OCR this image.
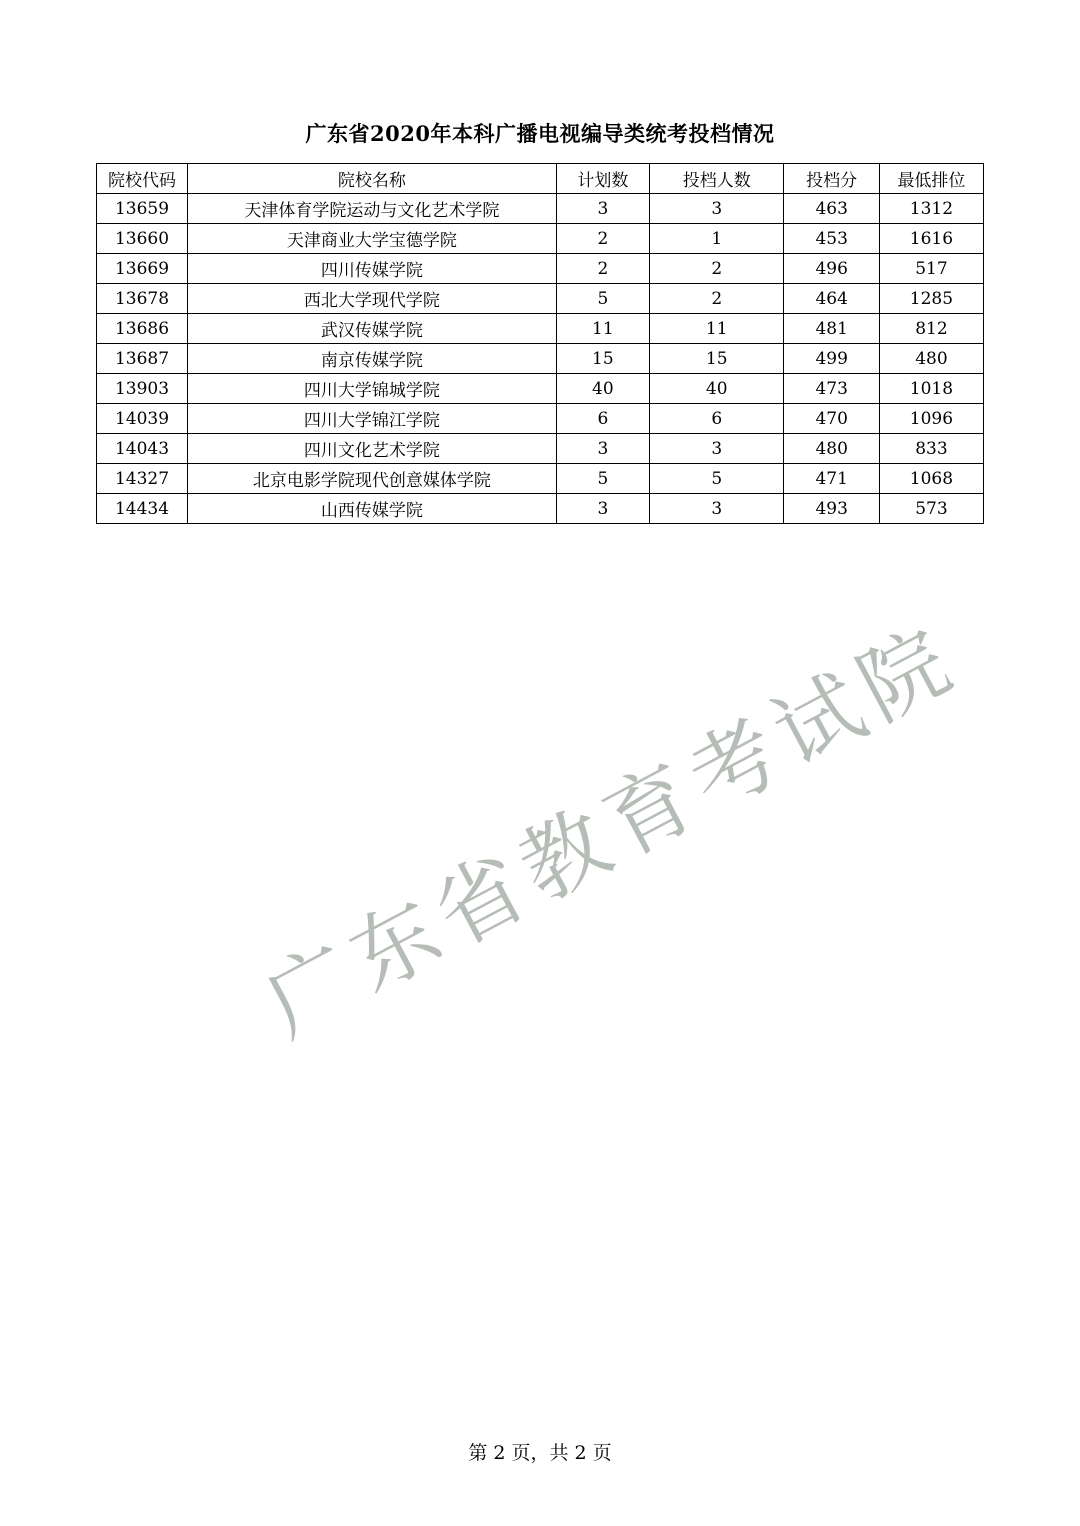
广东省2020年本科广播电视编导类统考投档情况
院校代码	院校名称	计划数	投档人数	投档分	最低排位
13659	天津体育学院运动与文化艺术学院	3	3	463	1312
13660	天津商业大学宝德学院	2	1	453	1616
13669	四川传媒学院	2	2	496	517
13678	西北大学现代学院	5	2	464	1285
13686	武汉传媒学院	11	11	481	812
13687	南京传媒学院	15	15	499	480
13903	四川大学锦城学院	40	40	473	1018
14039	四川大学锦江学院	6	6	470	1096
14043	四川文化艺术学院	3	3	480	833
14327	北京电影学院现代创意媒体学院	5	5	471	1068
14434	山西传媒学院	3	3	493	573
广东省教育考试院
第 2 页，共 2 页
